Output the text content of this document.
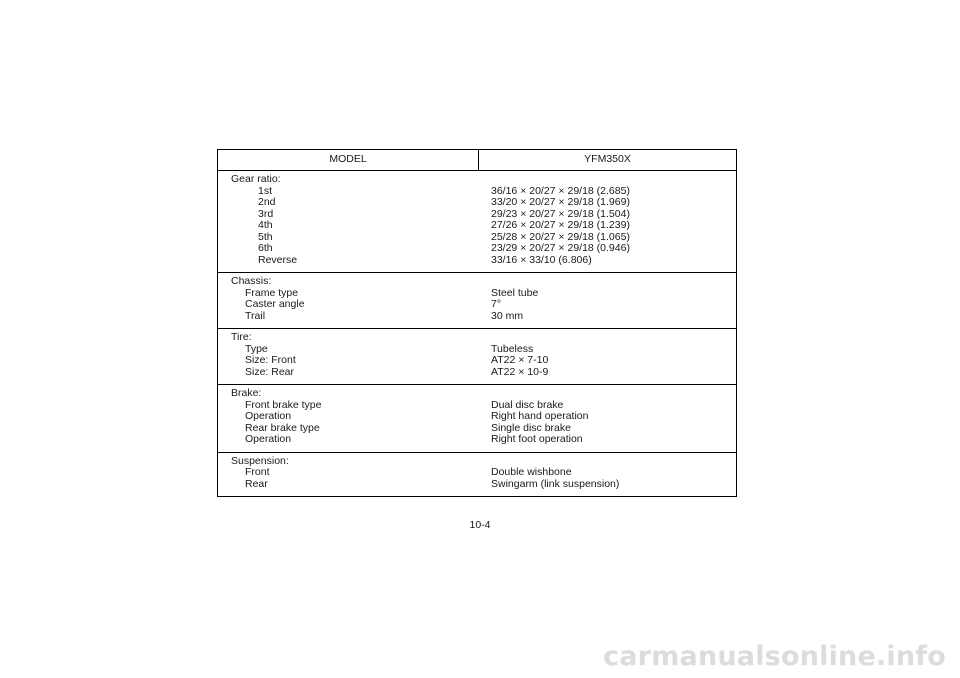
MODEL	YFM350X
Gear ratio:
1st
2nd
3rd
4th
5th
6th
Reverse
36/16 × 20/27 × 29/18 (2.685)
33/20 × 20/27 × 29/18 (1.969)
29/23 × 20/27 × 29/18 (1.504)
27/26 × 20/27 × 29/18 (1.239)
25/28 × 20/27 × 29/18 (1.065)
23/29 × 20/27 × 29/18 (0.946)
33/16 × 33/10 (6.806)
Chassis:
Frame type
Caster angle
Trail
Steel tube
7°
30 mm
Tire:
Type
Size: Front
Size: Rear
Tubeless
AT22 × 7-10
AT22 × 10-9
Brake:
Front brake type
Operation
Rear brake type
Operation
Dual disc brake
Right hand operation
Single disc brake
Right foot operation
Suspension:
Front
Rear
Double wishbone
Swingarm (link suspension)
10-4
carmanualsonline.info
